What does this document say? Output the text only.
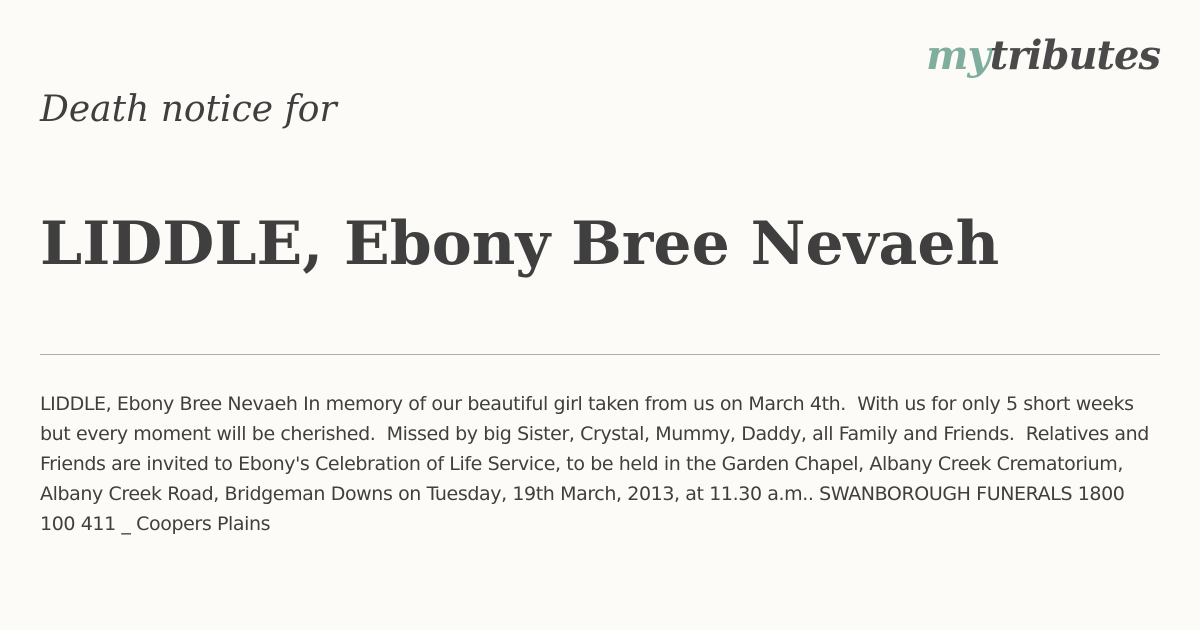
mytributes
Death notice for
LIDDLE, Ebony Bree Nevaeh

LIDDLE, Ebony Bree Nevaeh In memory of our beautiful girl taken from us on March 4th.  With us for only 5 short weeks but every moment will be cherished.  Missed by big Sister, Crystal, Mummy, Daddy, all Family and Friends.  Relatives and Friends are invited to Ebony's Celebration of Life Service, to be held in the Garden Chapel, Albany Creek Crematorium, Albany Creek Road, Bridgeman Downs on Tuesday, 19th March, 2013, at 11.30 a.m.. SWANBOROUGH FUNERALS 1800 100 411 _ Coopers Plains
